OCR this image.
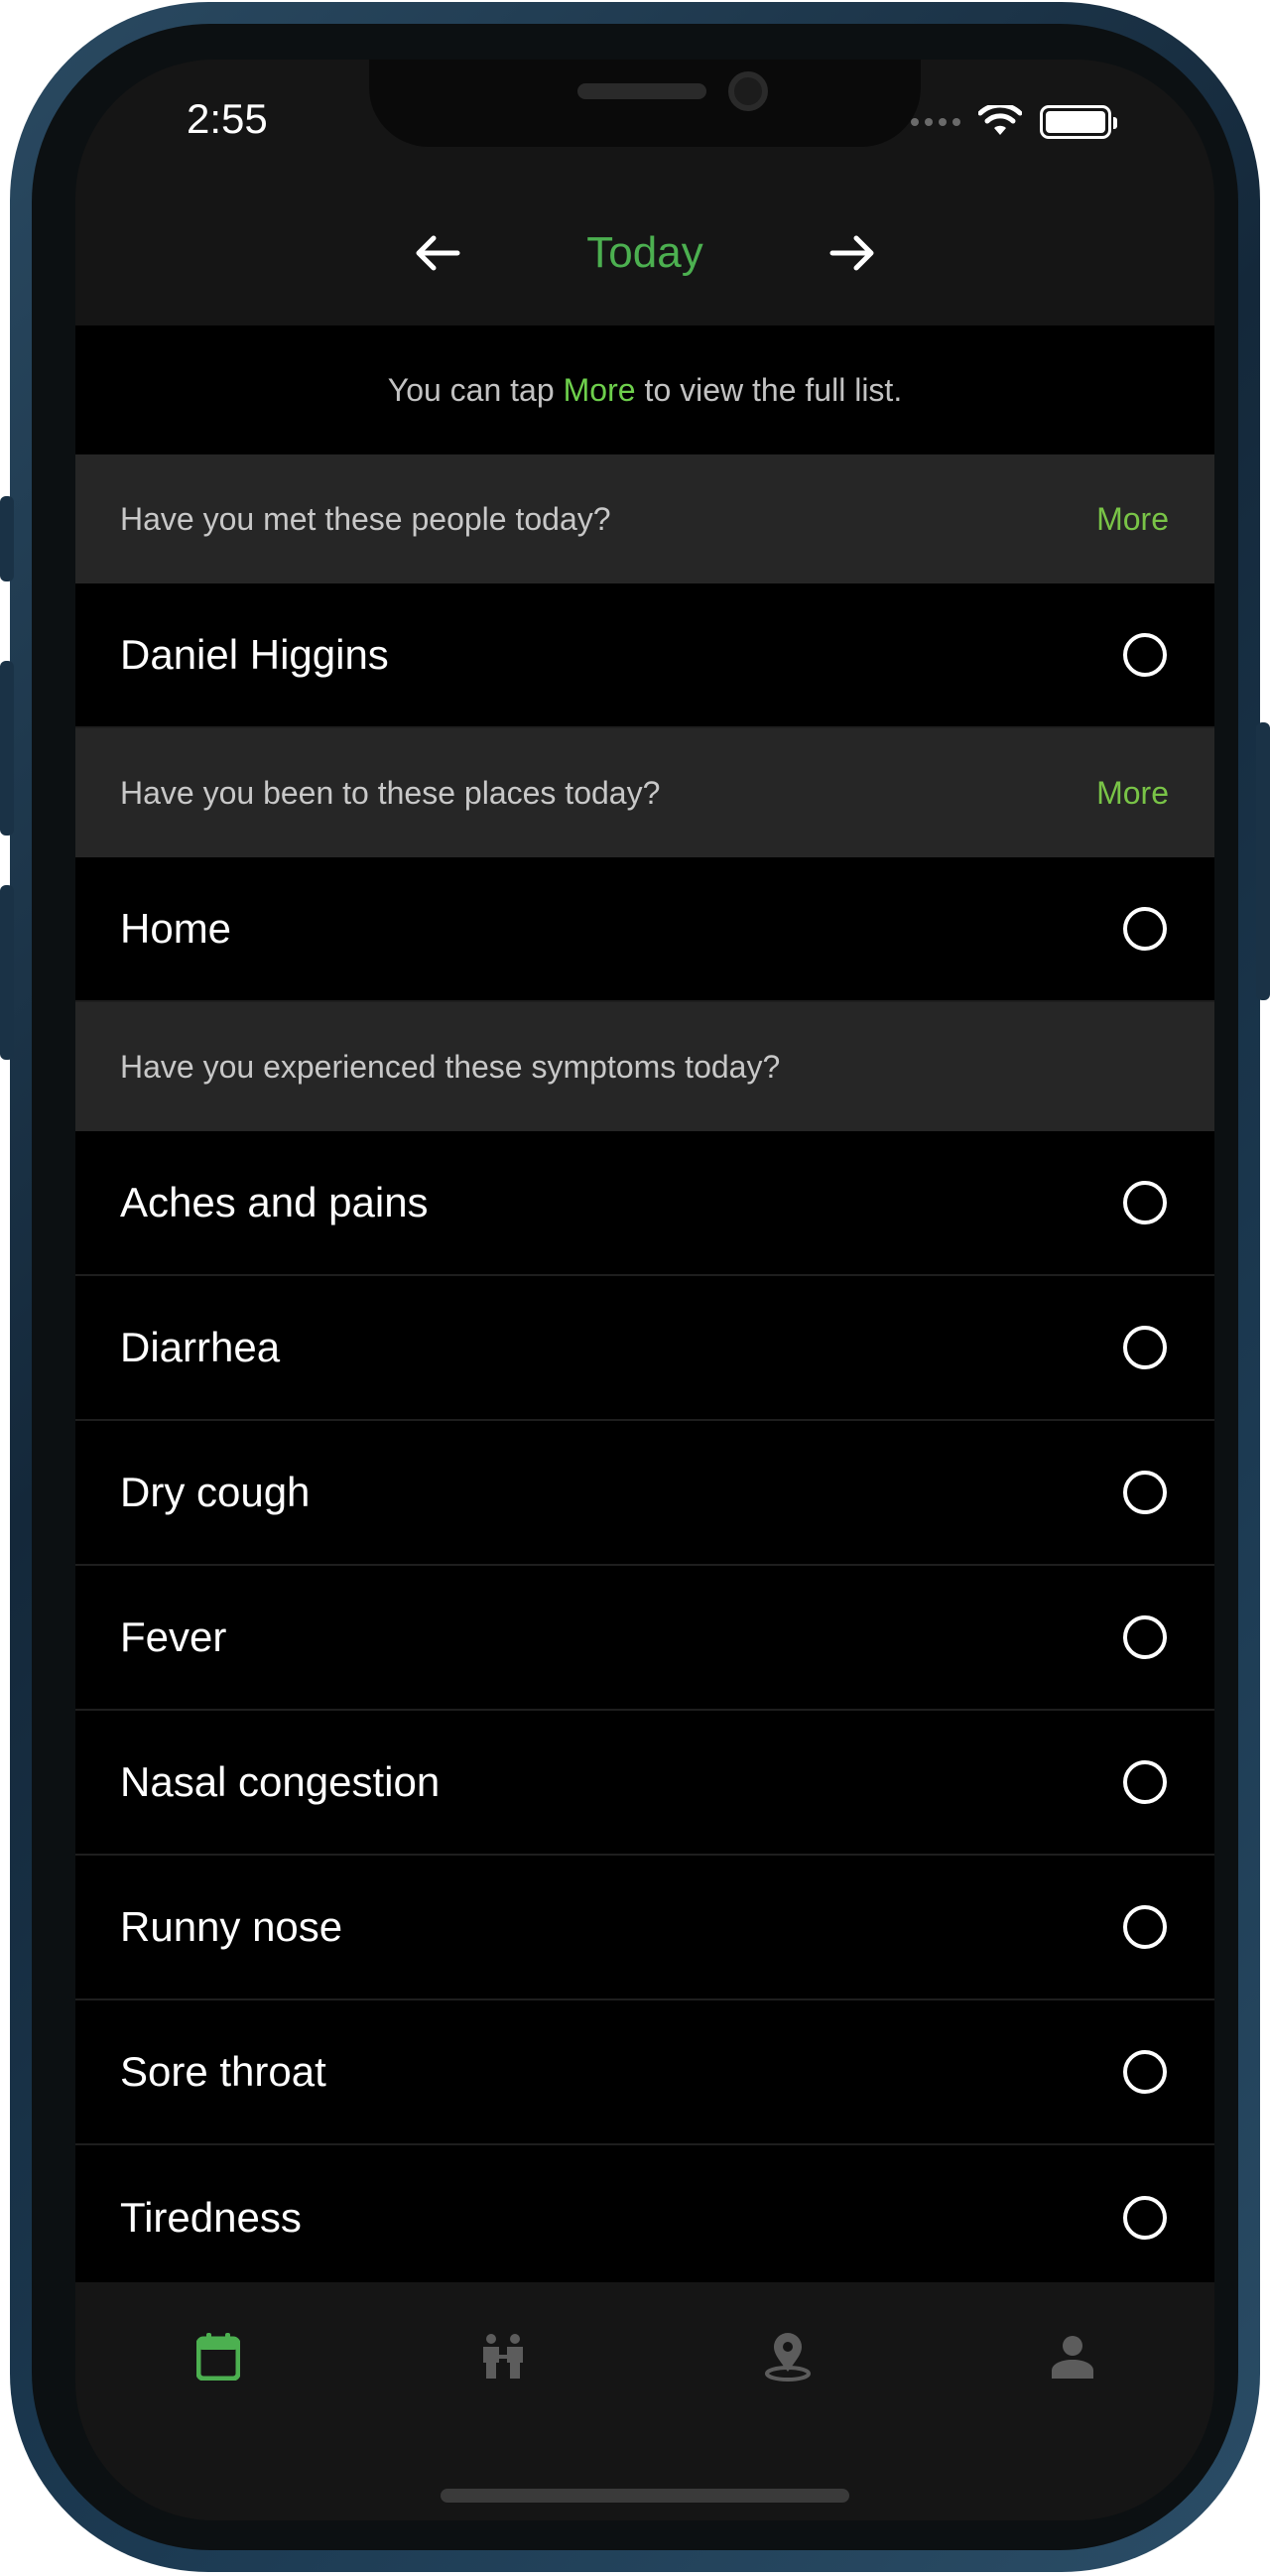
2:55
Today
You can tap More to view the full list.
Have you met these people today?	More
Daniel Higgins
Have you been to these places today?	More
Home
Have you experienced these symptoms today?
Aches and pains
Diarrhea
Dry cough
Fever
Nasal congestion
Runny nose
Sore throat
Tiredness
